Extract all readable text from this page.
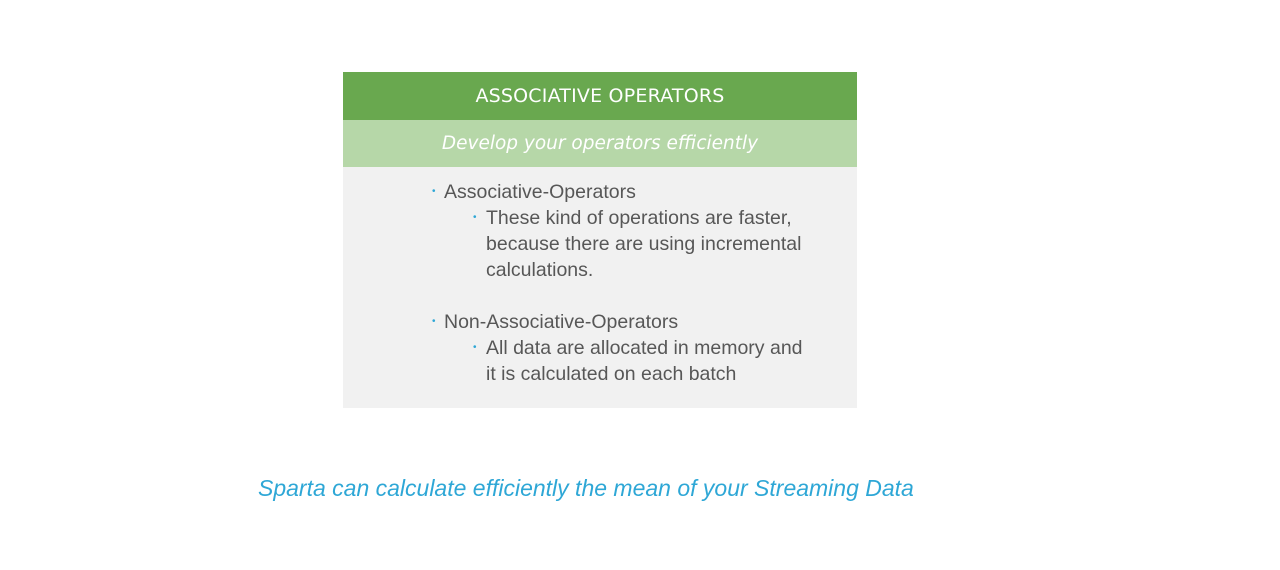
ASSOCIATIVE OPERATORS
Develop your operators efficiently
• Associative-Operators
• These kind of operations are faster, because there are using incremental calculations.
• Non-Associative-Operators
• All data are allocated in memory and it is calculated on each batch
Sparta can calculate efficiently the mean of your Streaming Data
